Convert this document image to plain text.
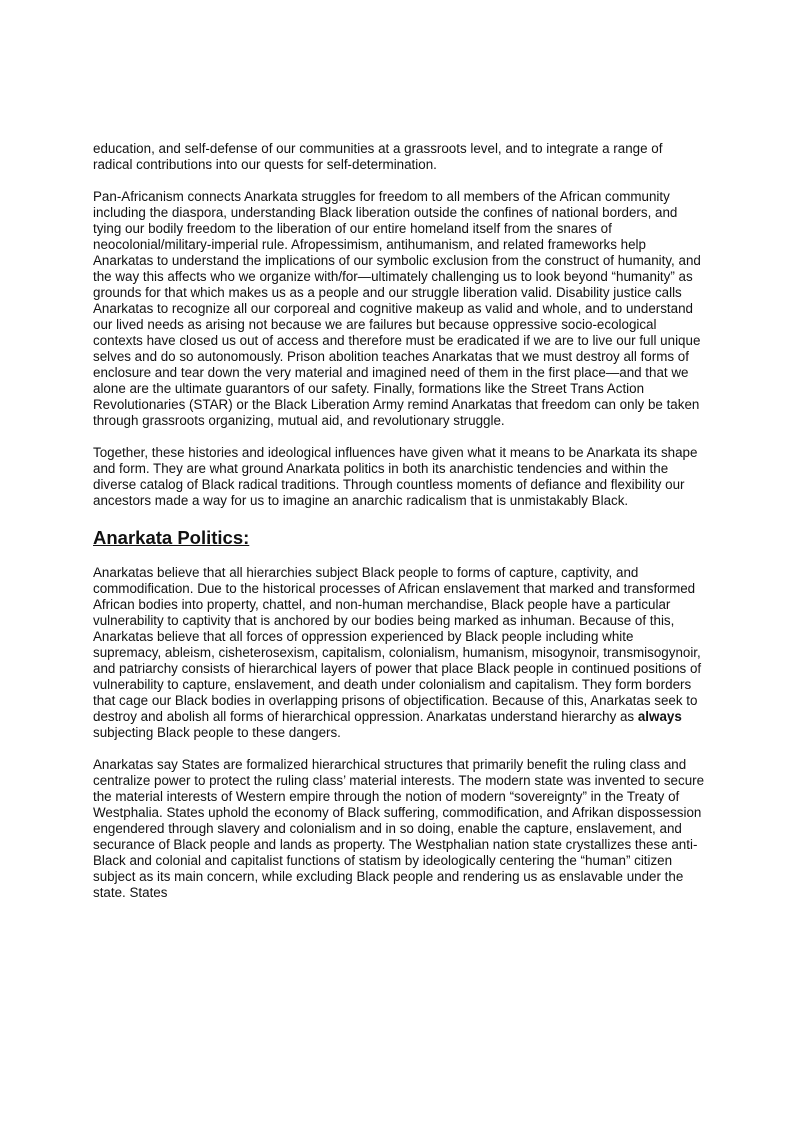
education, and self-defense of our communities at a grassroots level, and to integrate a range of radical contributions into our quests for self-determination.

Pan-Africanism connects Anarkata struggles for freedom to all members of the African community including the diaspora, understanding Black liberation outside the confines of national borders, and tying our bodily freedom to the liberation of our entire homeland itself from the snares of neocolonial/military-imperial rule. Afropessimism, antihumanism, and related frameworks help Anarkatas to understand the implications of our symbolic exclusion from the construct of humanity, and the way this affects who we organize with/for—ultimately challenging us to look beyond “humanity” as grounds for that which makes us as a people and our struggle liberation valid. Disability justice calls Anarkatas to recognize all our corporeal and cognitive makeup as valid and whole, and to understand our lived needs as arising not because we are failures but because oppressive socio-ecological contexts have closed us out of access and therefore must be eradicated if we are to live our full unique selves and do so autonomously. Prison abolition teaches Anarkatas that we must destroy all forms of enclosure and tear down the very material and imagined need of them in the first place—and that we alone are the ultimate guarantors of our safety. Finally, formations like the Street Trans Action Revolutionaries (STAR) or the Black Liberation Army remind Anarkatas that freedom can only be taken through grassroots organizing, mutual aid, and revolutionary struggle.

Together, these histories and ideological influences have given what it means to be Anarkata its shape and form. They are what ground Anarkata politics in both its anarchistic tendencies and within the diverse catalog of Black radical traditions. Through countless moments of defiance and flexibility our ancestors made a way for us to imagine an anarchic radicalism that is unmistakably Black.

Anarkata Politics:

Anarkatas believe that all hierarchies subject Black people to forms of capture, captivity, and commodification. Due to the historical processes of African enslavement that marked and transformed African bodies into property, chattel, and non-human merchandise, Black people have a particular vulnerability to captivity that is anchored by our bodies being marked as inhuman. Because of this, Anarkatas believe that all forces of oppression experienced by Black people including white supremacy, ableism, cisheterosexism, capitalism, colonialism, humanism, misogynoir, transmisogynoir, and patriarchy consists of hierarchical layers of power that place Black people in continued positions of vulnerability to capture, enslavement, and death under colonialism and capitalism. They form borders that cage our Black bodies in overlapping prisons of objectification. Because of this, Anarkatas seek to destroy and abolish all forms of hierarchical oppression. Anarkatas understand hierarchy as always subjecting Black people to these dangers.

Anarkatas say States are formalized hierarchical structures that primarily benefit the ruling class and centralize power to protect the ruling class’ material interests. The modern state was invented to secure the material interests of Western empire through the notion of modern “sovereignty” in the Treaty of Westphalia. States uphold the economy of Black suffering, commodification, and Afrikan dispossession engendered through slavery and colonialism and in so doing, enable the capture, enslavement, and securance of Black people and lands as property. The Westphalian nation state crystallizes these anti-Black and colonial and capitalist functions of statism by ideologically centering the “human” citizen subject as its main concern, while excluding Black people and rendering us as enslavable under the state. States
